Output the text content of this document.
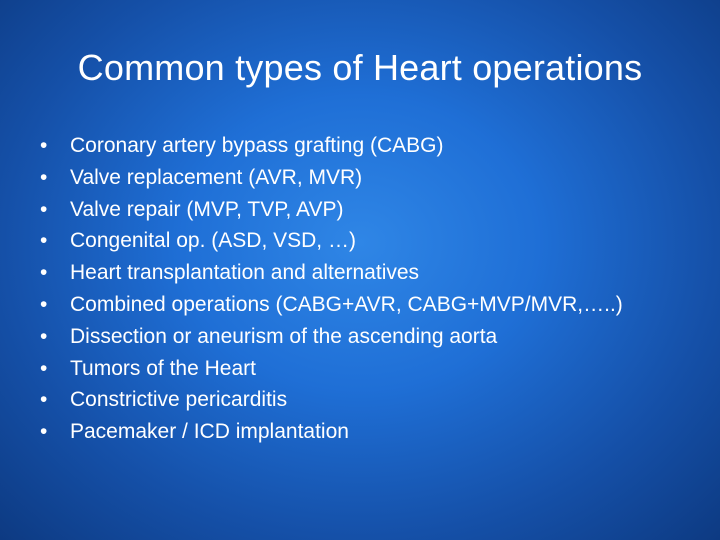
Common types of Heart operations
•	Coronary artery bypass grafting (CABG)
•	Valve replacement (AVR, MVR)
•	Valve repair (MVP, TVP, AVP)
•	Congenital op. (ASD, VSD, …)
•	Heart transplantation and alternatives
•	Combined operations (CABG+AVR, CABG+MVP/MVR,…..)
•	Dissection or aneurism of the ascending aorta
•	Tumors of the Heart
•	Constrictive pericarditis
•	Pacemaker / ICD implantation
